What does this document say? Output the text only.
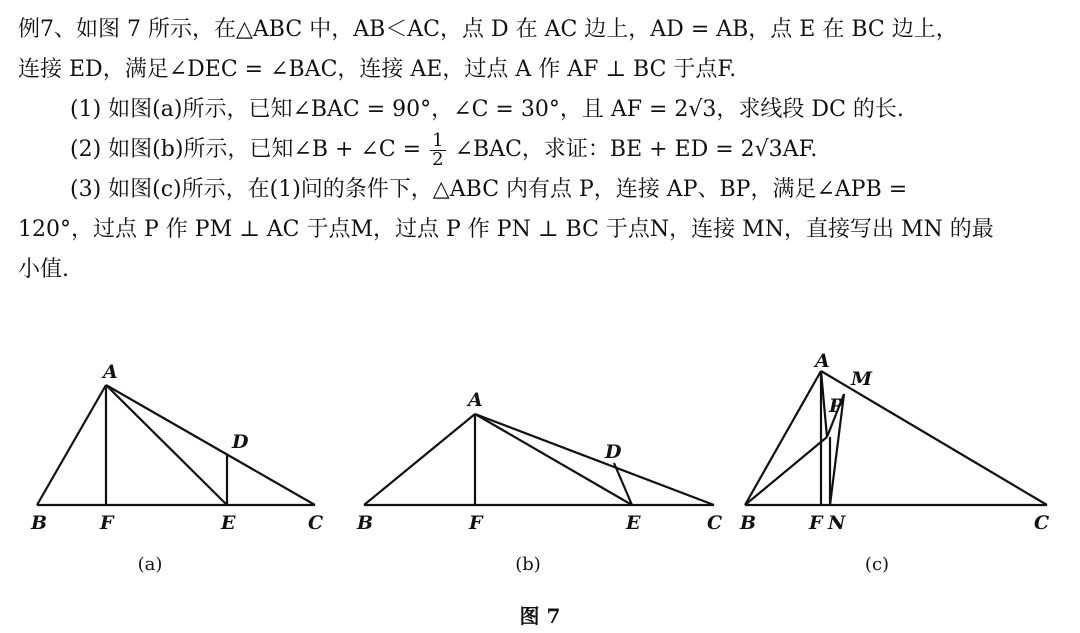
例7、如图 7 所示，在△ABC 中，AB＜AC，点 D 在 AC 边上，AD = AB，点 E 在 BC 边上，
连接 ED，满足∠DEC = ∠BAC，连接 AE，过点 A 作 AF ⊥ BC 于点F.
(1) 如图(a)所示，已知∠BAC = 90°，∠C = 30°，且 AF = 2√3，求线段 DC 的长.
(2) 如图(b)所示，已知∠B + ∠C = $\frac{1}{2}$ ∠BAC，求证：BE + ED = 2√3AF.
(3) 如图(c)所示，在(1)问的条件下，△ABC 内有点 P，连接 AP、BP，满足∠APB =
120°，过点 P 作 PM ⊥ AC 于点M，过点 P 作 PN ⊥ BC 于点N，连接 MN，直接写出 MN 的最
小值.
A
B	C
D
E
F
(a)
A
B	C
D
E
F
(b)
A
B	C
F
M
N
P
(c)
图 7
